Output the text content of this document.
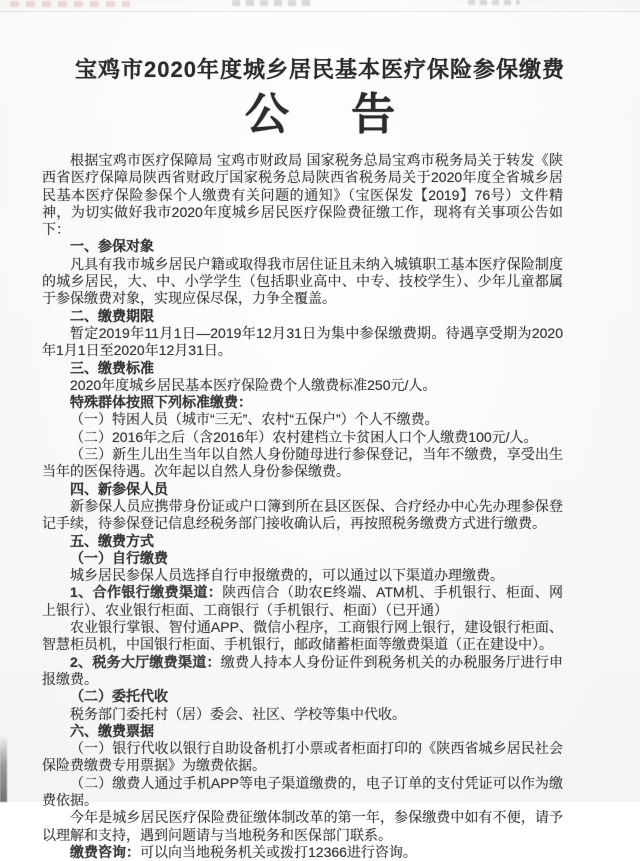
宝鸡市2020年度城乡居民基本医疗保险参保缴费
公 告

根据宝鸡市医疗保障局 宝鸡市财政局 国家税务总局宝鸡市税务局关于转发《陕西省医疗保障局陕西省财政厅国家税务总局陕西省税务局关于2020年度全省城乡居民基本医疗保险参保个人缴费有关问题的通知》（宝医保发【2019】76号）文件精神，为切实做好我市2020年度城乡居民医疗保险费征缴工作，现将有关事项公告如下：

一、参保对象

凡具有我市城乡居民户籍或取得我市居住证且未纳入城镇职工基本医疗保险制度的城乡居民，大、中、小学学生（包括职业高中、中专、技校学生）、少年儿童都属于参保缴费对象，实现应保尽保，力争全覆盖。

二、缴费期限

暂定2019年11月1日—2019年12月31日为集中参保缴费期。待遇享受期为2020年1月1日至2020年12月31日。

三、缴费标准

2020年度城乡居民基本医疗保险费个人缴费标准250元/人。

特殊群体按照下列标准缴费：

（一）特困人员（城市“三无”、农村“五保户”）个人不缴费。

（二）2016年之后（含2016年）农村建档立卡贫困人口个人缴费100元/人。

（三）新生儿出生当年以自然人身份随母进行参保登记，当年不缴费，享受出生当年的医保待遇。次年起以自然人身份参保缴费。

四、新参保人员

新参保人员应携带身份证或户口簿到所在县区医保、合疗经办中心先办理参保登记手续，待参保登记信息经税务部门接收确认后，再按照税务缴费方式进行缴费。

五、缴费方式

（一）自行缴费

城乡居民参保人员选择自行申报缴费的，可以通过以下渠道办理缴费。

1、合作银行缴费渠道：陕西信合（助农E终端、ATM机、手机银行、柜面、网上银行）、农业银行柜面、工商银行（手机银行、柜面）（已开通）

农业银行掌银、智付通APP、微信小程序，工商银行网上银行，建设银行柜面、智慧柜员机，中国银行柜面、手机银行，邮政储蓄柜面等缴费渠道（正在建设中）。

2、税务大厅缴费渠道：缴费人持本人身份证件到税务机关的办税服务厅进行申报缴费。

（二）委托代收

税务部门委托村（居）委会、社区、学校等集中代收。

六、缴费票据

（一）银行代收以银行自助设备机打小票或者柜面打印的《陕西省城乡居民社会保险费缴费专用票据》为缴费依据。

（二）缴费人通过手机APP等电子渠道缴费的，电子订单的支付凭证可以作为缴费依据。

今年是城乡居民医疗保险费征缴体制改革的第一年，参保缴费中如有不便，请予以理解和支持，遇到问题请与当地税务和医保部门联系。

缴费咨询：可以向当地税务机关或拨打12366进行咨询。
